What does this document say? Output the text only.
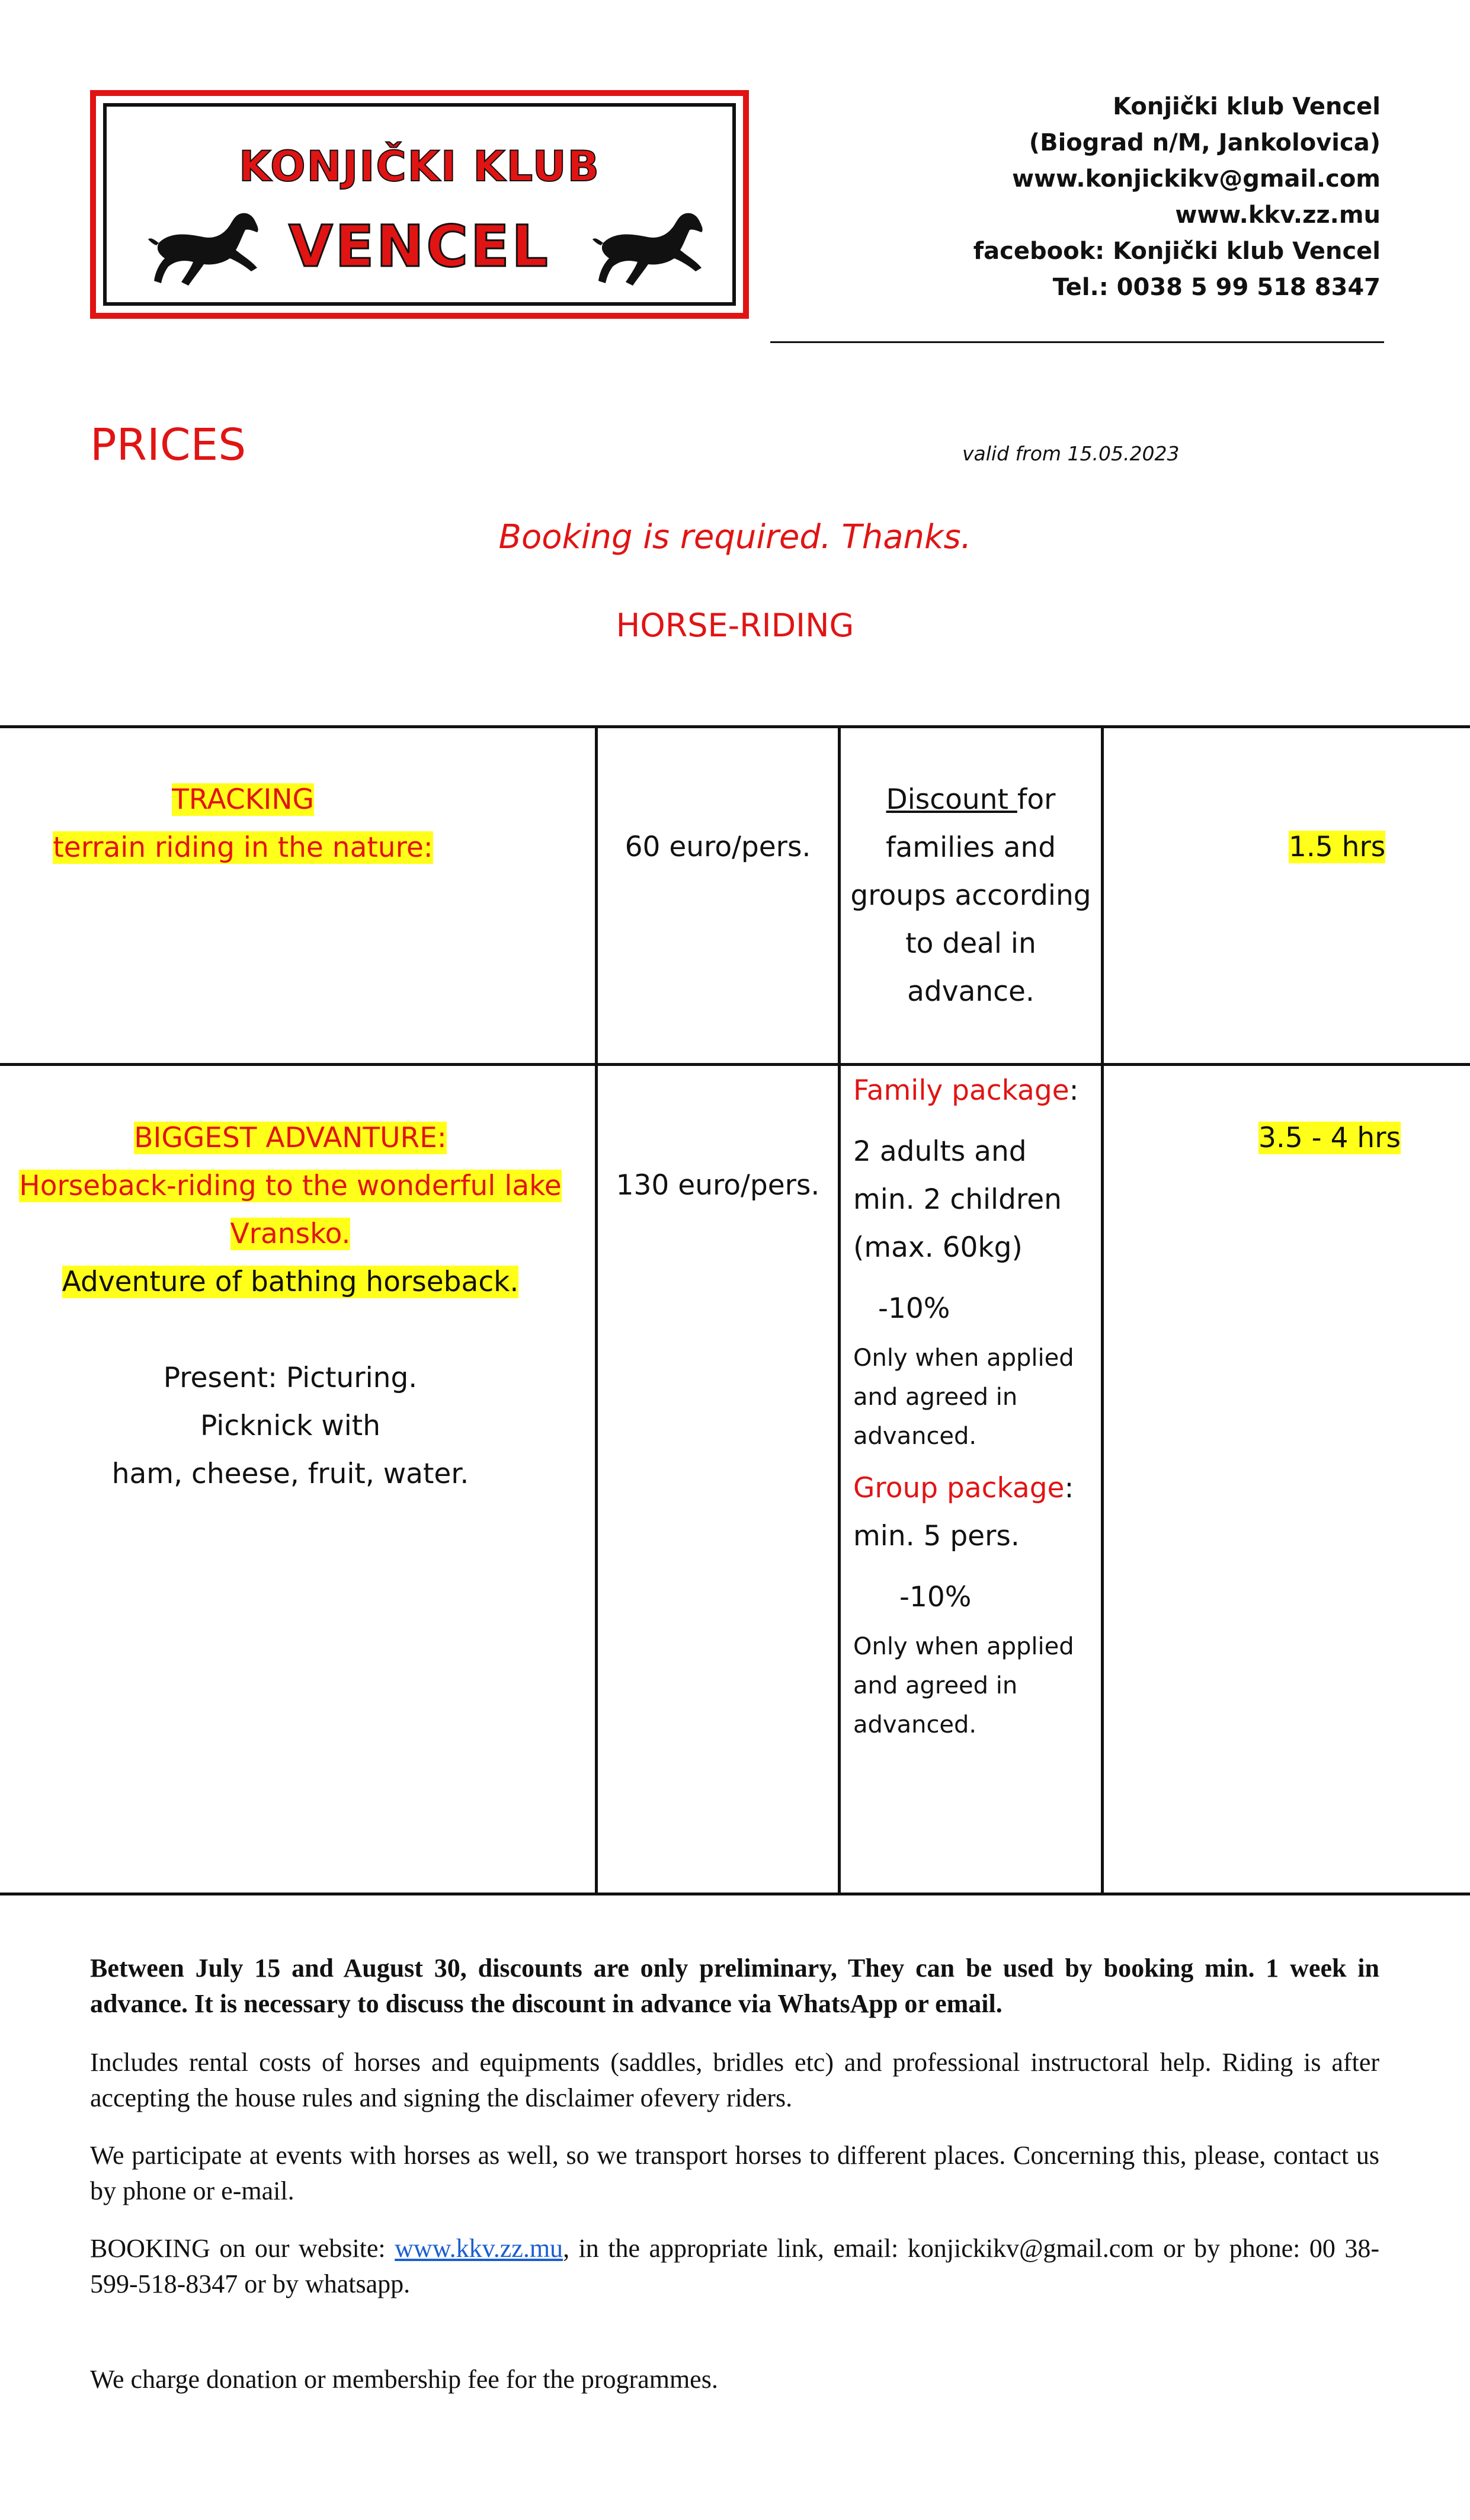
KONJIČKI KLUB
VENCEL
Konjički klub Vencel
(Biograd n/M, Jankolovica)
www.konjickikv@gmail.com
www.kkv.zz.mu
facebook: Konjički klub Vencel
Tel.: 0038 5 99 518 8347
PRICES	valid from 15.05.2023
Booking is required. Thanks.
HORSE-RIDING
TRACKING
terrain riding in the nature:	60 euro/pers.
Discount for
families and
groups according
to deal in
advance.
1.5 hrs
BIGGEST ADVANTURE:
Horseback-riding to the wonderful lake
Vransko.
Adventure of bathing horseback.
Present: Picturing.
Picknick with
ham, cheese, fruit, water.
130 euro/pers.
Family package:
2 adults and
min. 2 children
(max. 60kg)
-10%
Only when applied
and agreed in
advanced.
Group package:
min. 5 pers.
-10%
Only when applied
and agreed in
advanced.
3.5 - 4 hrs
Between July 15 and August 30, discounts are only preliminary, They can be used by booking min. 1 week in advance. It is necessary to discuss the discount in advance via WhatsApp or email.
Includes rental costs of horses and equipments (saddles, bridles etc) and professional instructoral help. Riding is after accepting the house rules and signing the disclaimer ofevery riders.
We participate at events with horses as well, so we transport horses to different places. Concerning this, please, contact us by phone or e-mail.
BOOKING on our website: www.kkv.zz.mu, in the appropriate link, email: konjickikv@gmail.com or by phone: 00 38-599-518-8347 or by whatsapp.
We charge donation or membership fee for the programmes.
